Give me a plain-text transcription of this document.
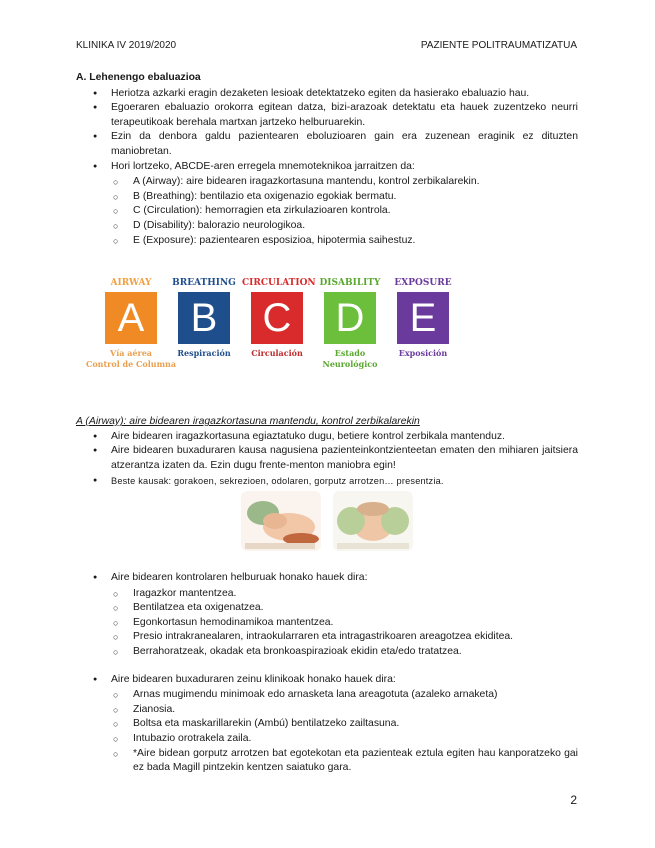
KLINIKA IV 2019/2020	PAZIENTE POLITRAUMATIZATUA
A. Lehenengo ebaluazioa
● Heriotza azkarki eragin dezaketen lesioak detektatzeko egiten da hasierako ebaluazio hau.
● Egoeraren ebaluazio orokorra egitean datza, bizi-arazoak detektatu eta hauek zuzentzeko neurri terapeutikoak berehala martxan jartzeko helburuarekin.
● Ezin da denbora galdu pazientearen eboluzioaren gain era zuzenean eraginik ez dituzten maniobretan.
● Hori lortzeko, ABCDE-aren erregela mnemoteknikoa jarraitzen da:
○ A (Airway): aire bidearen iragazkortasuna mantendu, kontrol zerbikalarekin.
○ B (Breathing): bentilazio eta oxigenazio egokiak bermatu.
○ C (Circulation): hemorragien eta zirkulazioaren kontrola.
○ D (Disability): balorazio neurologikoa.
○ E (Exposure): pazientearen esposizioa, hipotermia saihestuz.
AIRWAY
A
Vía aérea
Control de Columna
BREATHING
B
Respiración
CIRCULATION
C
Circulación
DISABILITY
D
Estado
Neurológico
EXPOSURE
E
Exposición
A (Airway): aire bidearen iragazkortasuna mantendu, kontrol zerbikalarekin
● Aire bidearen iragazkortasuna egiaztatuko dugu, betiere kontrol zerbikala mantenduz.
● Aire bidearen buxaduraren kausa nagusiena pazienteinkontzienteetan ematen den mihiaren jaitsiera atzerantza izaten da. Ezin dugu frente-menton maniobra egin!
● Beste kausak: gorakoen, sekrezioen, odolaren, gorputz arrotzen… presentzia.
● Aire bidearen kontrolaren helburuak honako hauek dira:
○ Iragazkor mantentzea.
○ Bentilatzea eta oxigenatzea.
○ Egonkortasun hemodinamikoa mantentzea.
○ Presio intrakranealaren, intraokularraren eta intragastrikoaren areagotzea ekiditea.
○ Berrahoratzeak, okadak eta bronkoaspirazioak ekidin eta/edo tratatzea.
● Aire bidearen buxaduraren zeinu klinikoak honako hauek dira:
○ Arnas mugimendu minimoak edo arnasketa lana areagotuta (azaleko arnaketa)
○ Zianosia.
○ Boltsa eta maskarillarekin (Ambú) bentilatzeko zailtasuna.
○ Intubazio orotrakela zaila.
○ *Aire bidean gorputz arrotzen bat egotekotan eta pazienteak eztula egiten hau kanporatzeko gai ez bada Magill pintzekin kentzen saiatuko gara.
2
